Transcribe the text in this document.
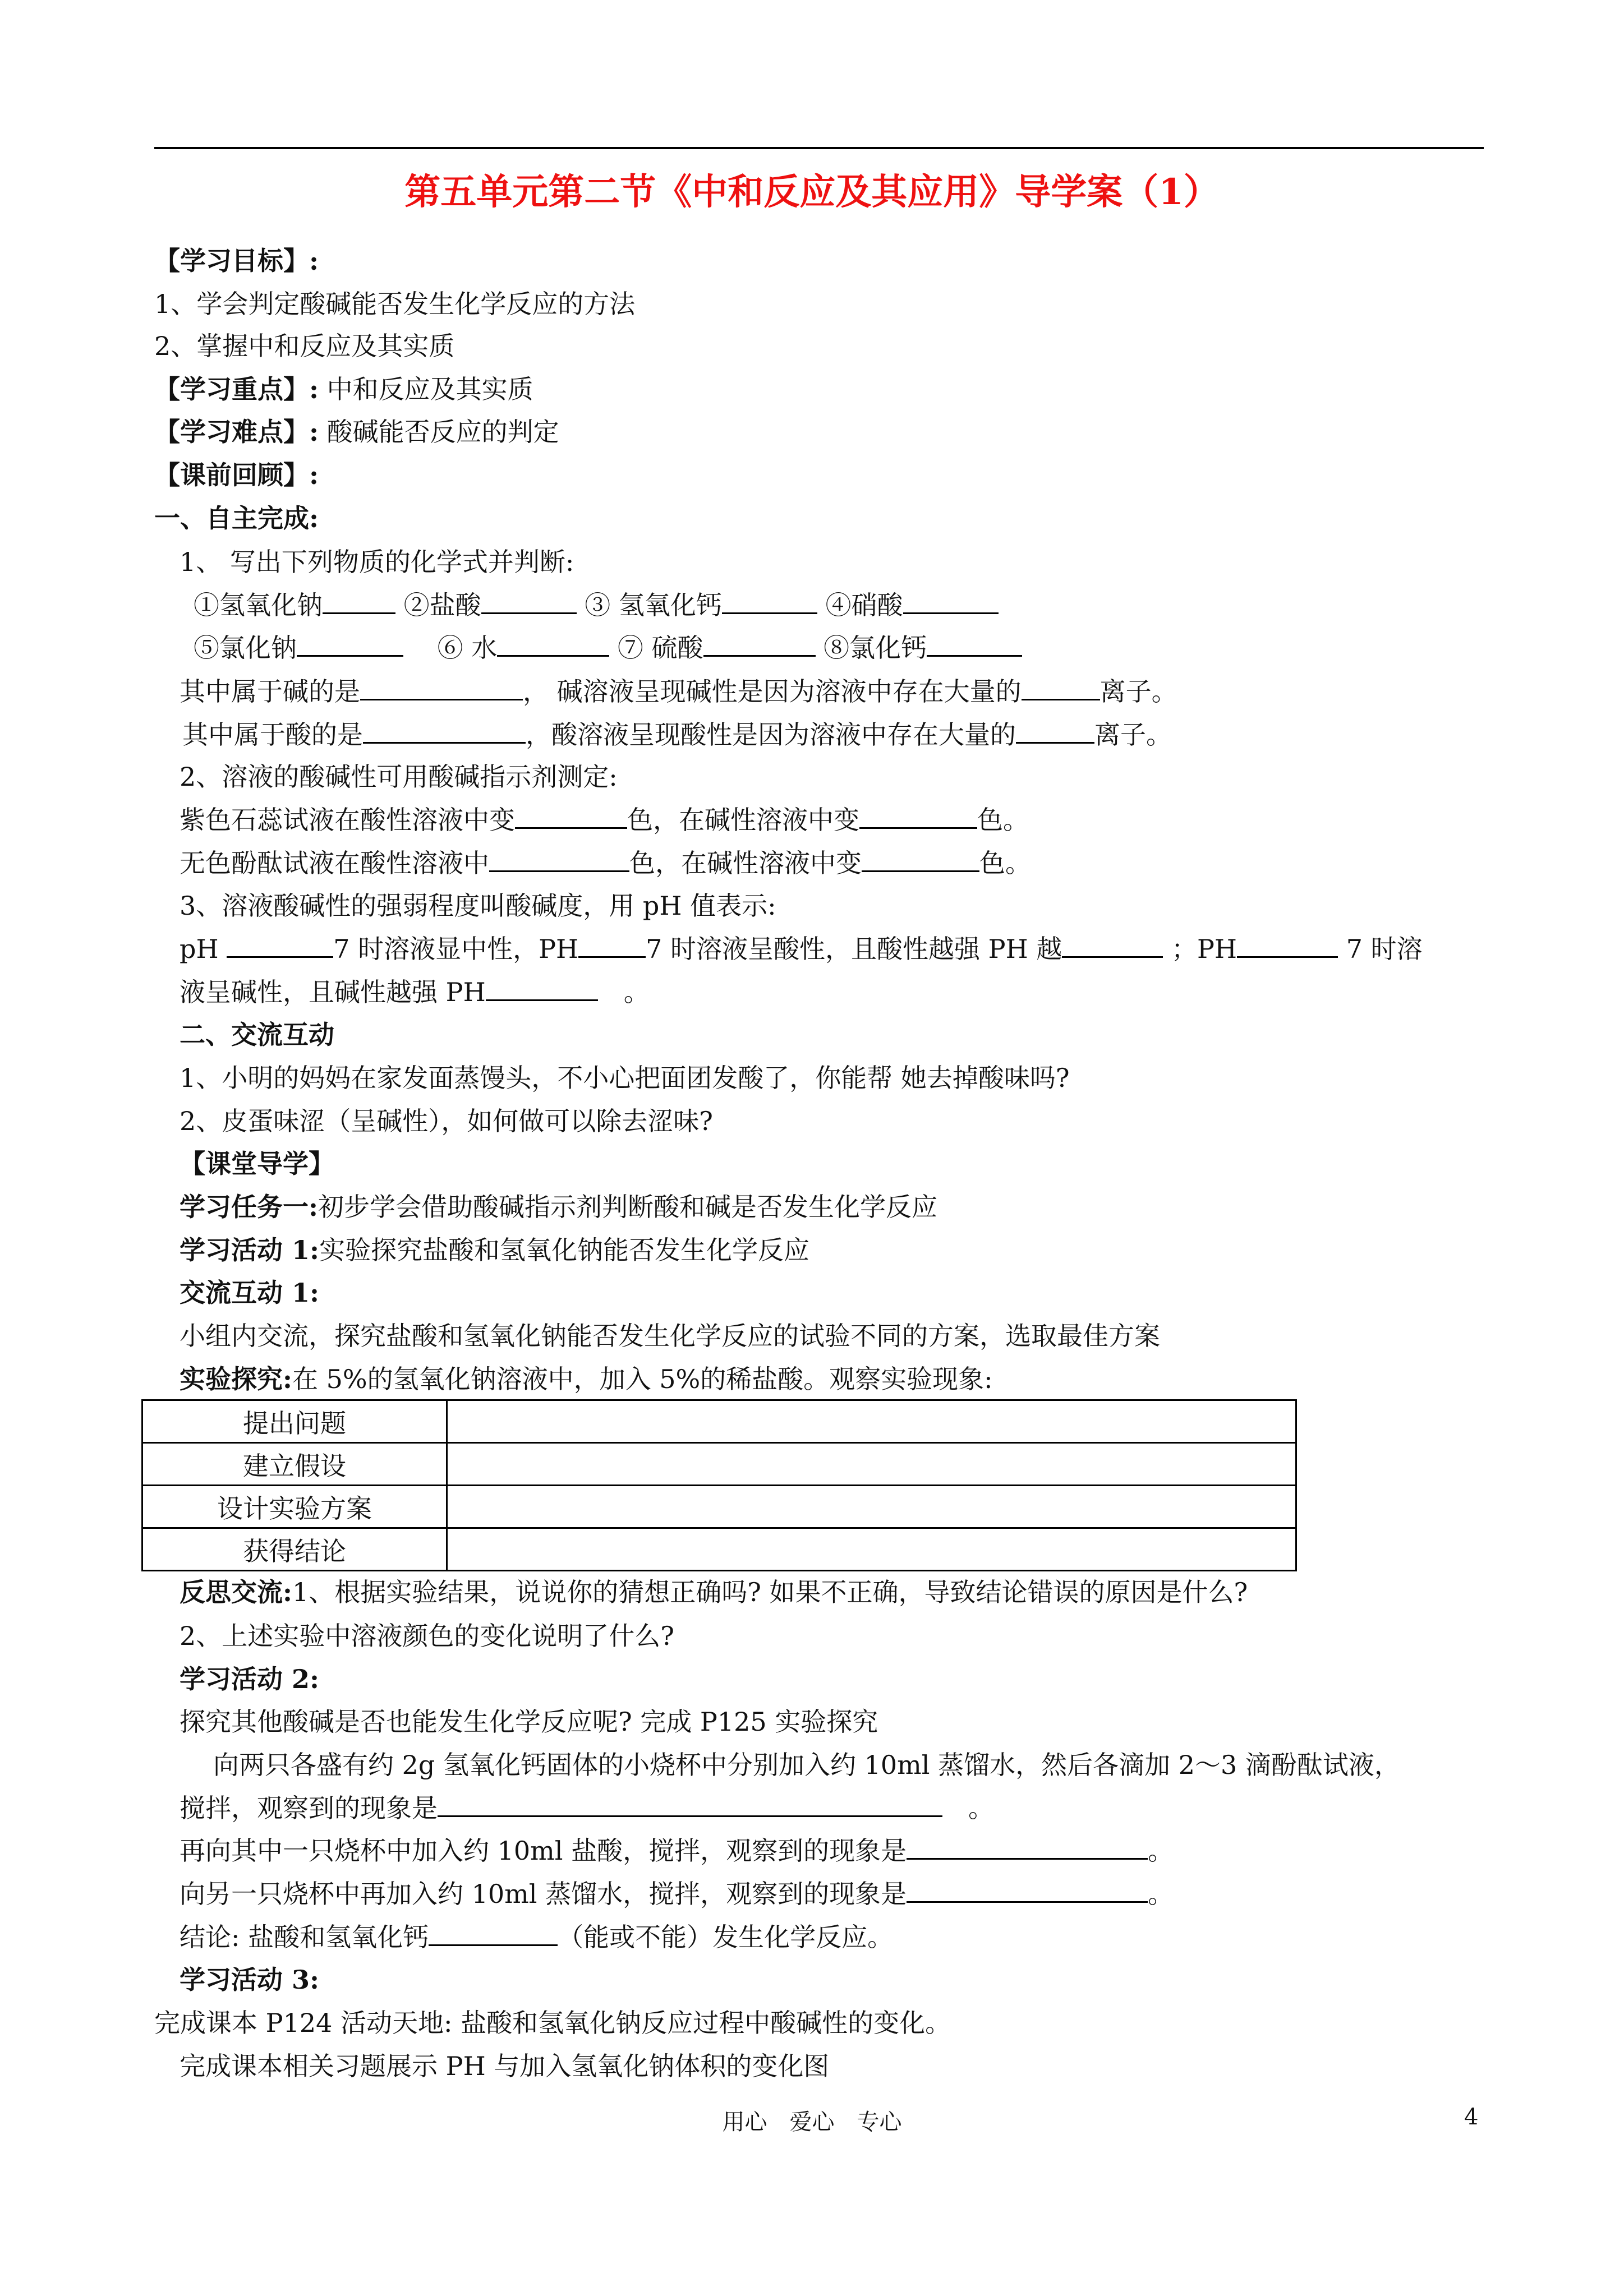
第五单元第二节《中和反应及其应用》导学案（1）
【学习目标】:
1、学会判定酸碱能否发生化学反应的方法
2、掌握中和反应及其实质
【学习重点】: 中和反应及其实质
【学习难点】: 酸碱能否反应的判定
【课前回顾】:
一、自主完成:
1、 写出下列物质的化学式并判断:
①氢氧化钠	②盐酸	③ 氢氧化钙	④硝酸
⑤氯化钠　	⑥ 水	⑦ 硫酸	⑧氯化钙
其中属于碱的是	， 碱溶液呈现碱性是因为溶液中存在大量的	离子。
其中属于酸的是	，酸溶液呈现酸性是因为溶液中存在大量的	离子。
2、溶液的酸碱性可用酸碱指示剂测定:
紫色石蕊试液在酸性溶液中变	色，在碱性溶液中变	色。
无色酚酞试液在酸性溶液中	色，在碱性溶液中变	色。
3、溶液酸碱性的强弱程度叫酸碱度，用 pH 值表示:
pH	7 时溶液显中性，PH	7 时溶液呈酸性，且酸性越强 PH 越	；PH	7 时溶
液呈碱性，且碱性越强 PH　	。
二、交流互动
1、小明的妈妈在家发面蒸馒头，不小心把面团发酸了，你能帮 她去掉酸味吗?
2、皮蛋味涩（呈碱性），如何做可以除去涩味?
【课堂导学】
学习任务一:初步学会借助酸碱指示剂判断酸和碱是否发生化学反应
学习活动 1:实验探究盐酸和氢氧化钠能否发生化学反应
交流互动 1:
小组内交流，探究盐酸和氢氧化钠能否发生化学反应的试验不同的方案，选取最佳方案
实验探究:在 5%的氢氧化钠溶液中，加入 5%的稀盐酸。观察实验现象:
提出问题	
建立假设	
设计实验方案	
获得结论	
反思交流:1、根据实验结果，说说你的猜想正确吗? 如果不正确，导致结论错误的原因是什么?
2、上述实验中溶液颜色的变化说明了什么?
学习活动 2:
探究其他酸碱是否也能发生化学反应呢? 完成 P125 实验探究
向两只各盛有约 2g 氢氧化钙固体的小烧杯中分别加入约 10ml 蒸馏水，然后各滴加 2～3 滴酚酞试液，
搅拌，观察到的现象是　	。
再向其中一只烧杯中加入约 10ml 盐酸，搅拌，观察到的现象是	。
向另一只烧杯中再加入约 10ml 蒸馏水，搅拌，观察到的现象是	。
结论: 盐酸和氢氧化钙	（能或不能）发生化学反应。
学习活动 3:
完成课本 P124 活动天地: 盐酸和氢氧化钠反应过程中酸碱性的变化。
完成课本相关习题展示 PH 与加入氢氧化钠体积的变化图
用心　爱心　专心	4
